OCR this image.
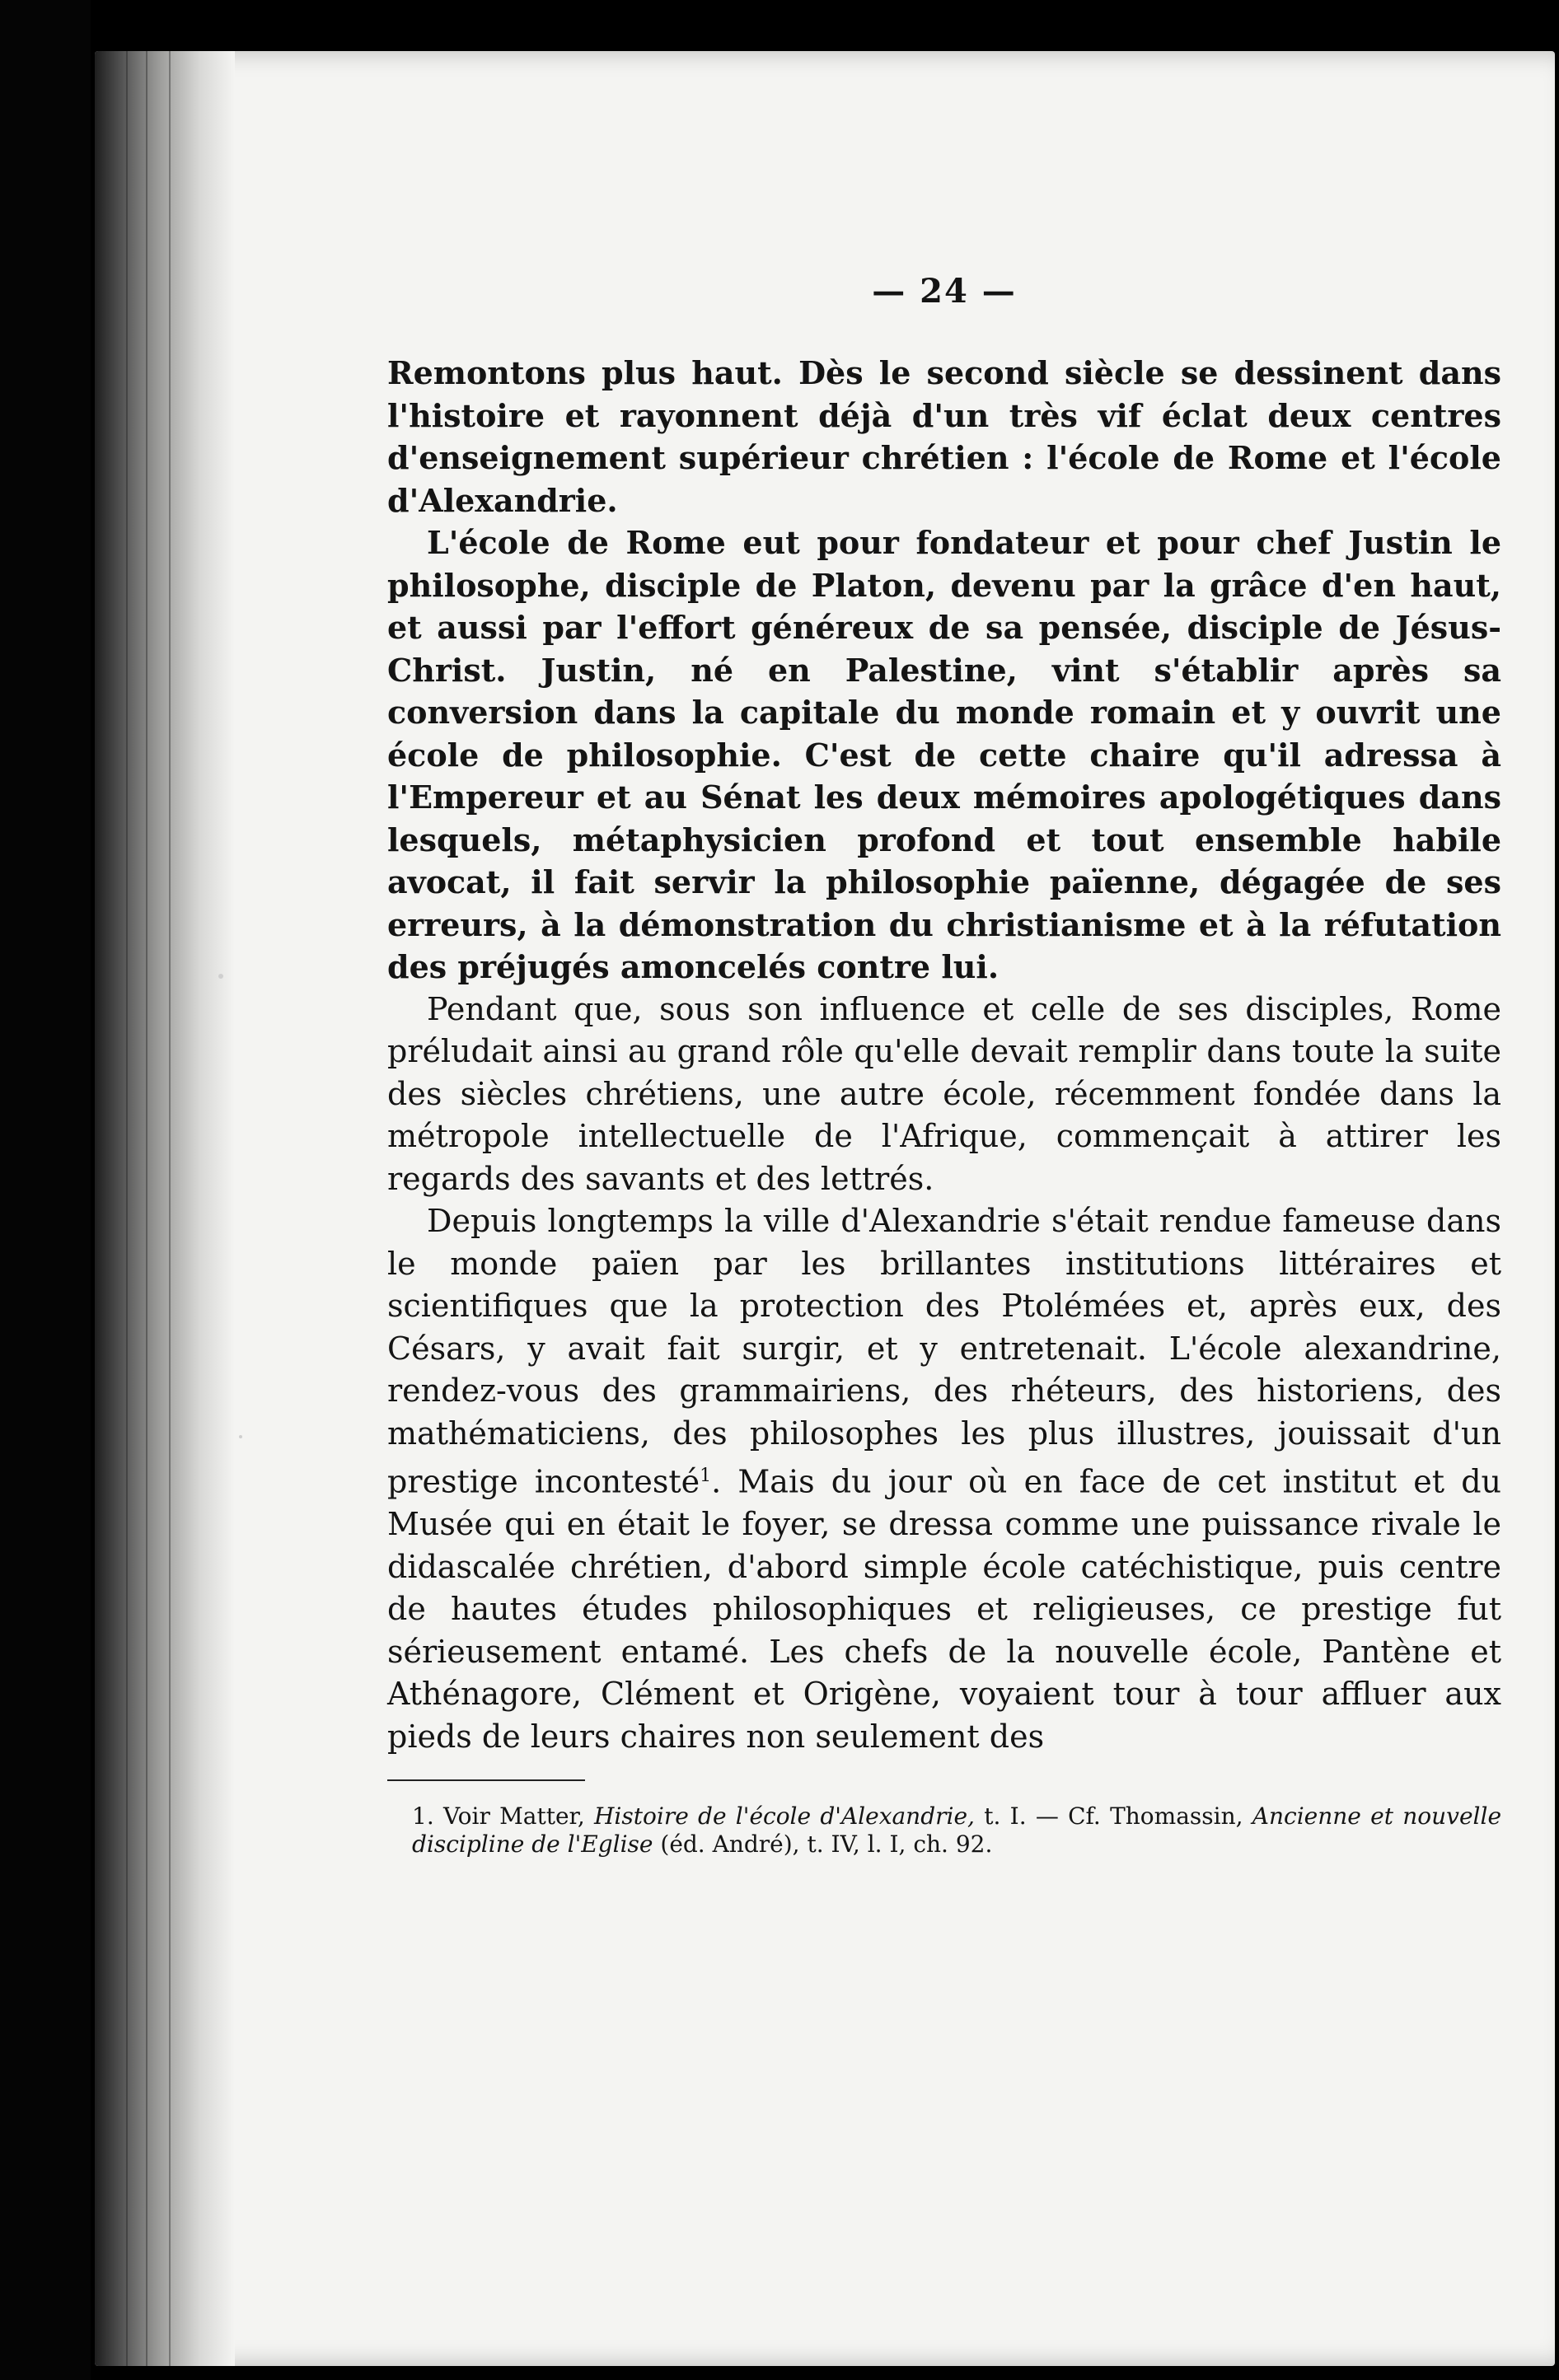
— 24 —

Remontons plus haut. Dès le second siècle se dessinent dans l'histoire et rayonnent déjà d'un très vif éclat deux centres d'enseignement supérieur chrétien : l'école de Rome et l'école d'Alexandrie.

L'école de Rome eut pour fondateur et pour chef Justin le philosophe, disciple de Platon, devenu par la grâce d'en haut, et aussi par l'effort généreux de sa pensée, disciple de Jésus-Christ. Justin, né en Palestine, vint s'établir après sa conversion dans la capitale du monde romain et y ouvrit une école de philosophie. C'est de cette chaire qu'il adressa à l'Empereur et au Sénat les deux mémoires apologétiques dans lesquels, métaphysicien profond et tout ensemble habile avocat, il fait servir la philosophie païenne, dégagée de ses erreurs, à la démonstration du christianisme et à la réfutation des préjugés amoncelés contre lui.

Pendant que, sous son influence et celle de ses disciples, Rome préludait ainsi au grand rôle qu'elle devait remplir dans toute la suite des siècles chrétiens, une autre école, récemment fondée dans la métropole intellectuelle de l'Afrique, commençait à attirer les regards des savants et des lettrés.

Depuis longtemps la ville d'Alexandrie s'était rendue fameuse dans le monde païen par les brillantes institutions littéraires et scientifiques que la protection des Ptolémées et, après eux, des Césars, y avait fait surgir, et y entretenait. L'école alexandrine, rendez-vous des grammairiens, des rhéteurs, des historiens, des mathématiciens, des philosophes les plus illustres, jouissait d'un prestige incontesté$^1$. Mais du jour où en face de cet institut et du Musée qui en était le foyer, se dressa comme une puissance rivale le didascalée chrétien, d'abord simple école catéchistique, puis centre de hautes études philosophiques et religieuses, ce prestige fut sérieusement entamé. Les chefs de la nouvelle école, Pantène et Athénagore, Clément et Origène, voyaient tour à tour affluer aux pieds de leurs chaires non seulement des

1. Voir Matter, Histoire de l'école d'Alexandrie, t. I. — Cf. Thomassin, Ancienne et nouvelle discipline de l'Eglise (éd. André), t. IV, l. I, ch. 92.
